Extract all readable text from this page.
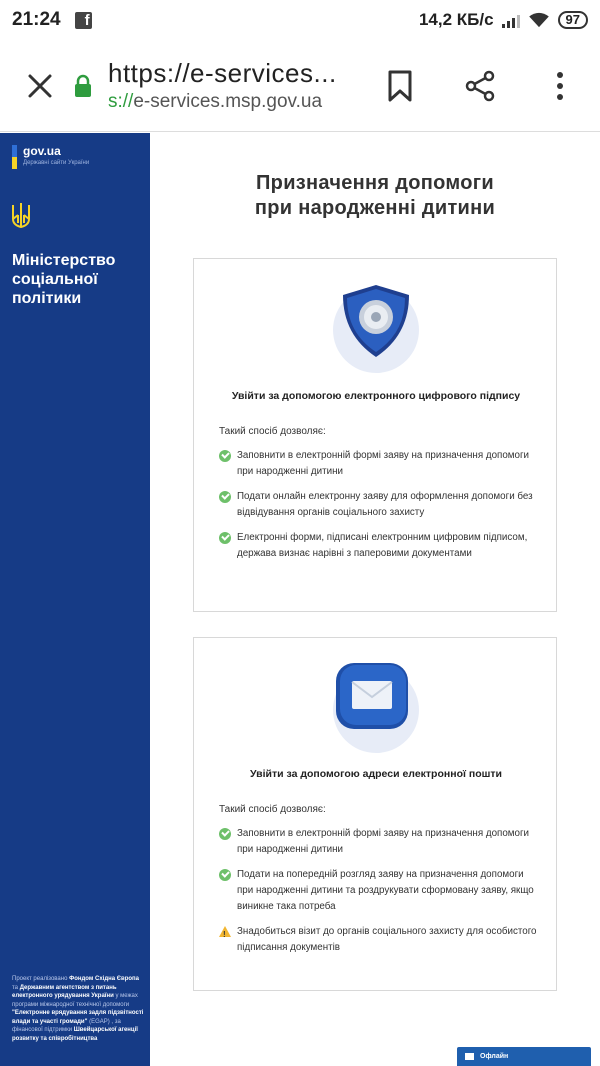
21:24	f	14,2 КБ/с	97
https://e-services...
s://e-services.msp.gov.ua
gov.ua
Державні сайти України
Міністерство соціальної політики
Проект реалізовано Фондом Східна Європа та Державним агентством з питань електронного урядування України у межах програми міжнародної технічної допомоги "Електронне врядування задля підзвітності влади та участі громади" (EGAP) , за фінансової підтримки Швейцарської агенції розвитку та співробітництва
Призначення допомоги
при народженні дитини
Увійти за допомогою електронного цифрового підпису
Такий спосіб дозволяє:
Заповнити в електронній формі заяву на призначення допомоги при народженні дитини
Подати онлайн електронну заяву для оформлення допомоги без відвідування органів соціального захисту
Електронні форми, підписані електронним цифровим підписом, держава визнає нарівні з паперовими документами
Увійти за допомогою адреси електронної пошти
Такий спосіб дозволяє:
Заповнити в електронній формі заяву на призначення допомоги при народженні дитини
Подати на попередній розгляд заяву на призначення допомоги при народженні дитини та роздрукувати сформовану заяву, якщо виникне така потреба
!
Знадобиться візит до органів соціального захисту для особистого підписання документів
Офлайн
